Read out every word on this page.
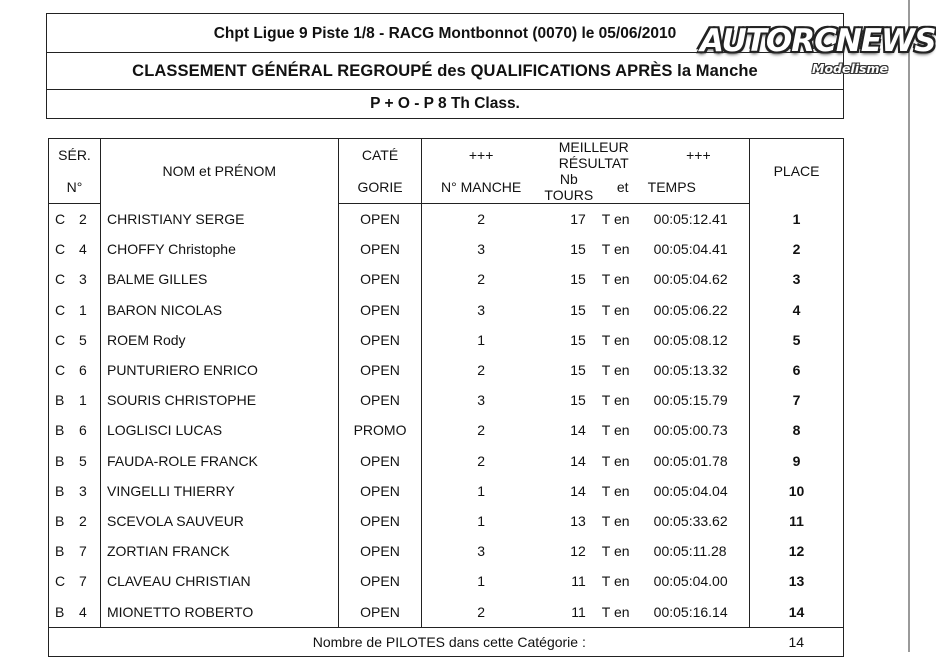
Chpt Ligue 9 Piste 1/8 - RACG Montbonnot (0070) le 05/06/2010
CLASSEMENT GÉNÉRAL REGROUPÉ des QUALIFICATIONS APRÈS la Manche
P + O - P 8 Th Class.
AUTORCNEWS
Modelisme
SÉR.	NOM et PRÉNOM	CATÉ	+++	MEILLEUR RÉSULTAT		+++	PLACE
N°		GORIE	N° MANCHE	Nb TOURS	et	TEMPS	

C 2	CHRISTIANY SERGE	OPEN	2	17	T en	00:05:12.41	1

C 4	CHOFFY Christophe	OPEN	3	15	T en	00:05:04.41	2

C 3	BALME GILLES	OPEN	2	15	T en	00:05:04.62	3

C 1	BARON NICOLAS	OPEN	3	15	T en	00:05:06.22	4

C 5	ROEM Rody	OPEN	1	15	T en	00:05:08.12	5

C 6	PUNTURIERO ENRICO	OPEN	2	15	T en	00:05:13.32	6

B 1	SOURIS CHRISTOPHE	OPEN	3	15	T en	00:05:15.79	7

B 6	LOGLISCI LUCAS	PROMO	2	14	T en	00:05:00.73	8

B 5	FAUDA-ROLE FRANCK	OPEN	2	14	T en	00:05:01.78	9

B 3	VINGELLI THIERRY	OPEN	1	14	T en	00:05:04.04	10

B 2	SCEVOLA SAUVEUR	OPEN	1	13	T en	00:05:33.62	11

B 7	ZORTIAN FRANCK	OPEN	3	12	T en	00:05:11.28	12

C 7	CLAVEAU CHRISTIAN	OPEN	1	11	T en	00:05:04.00	13

B 4	MIONETTO ROBERTO	OPEN	2	11	T en	00:05:16.14	14
Nombre de PILOTES dans cette Catégorie :							14
